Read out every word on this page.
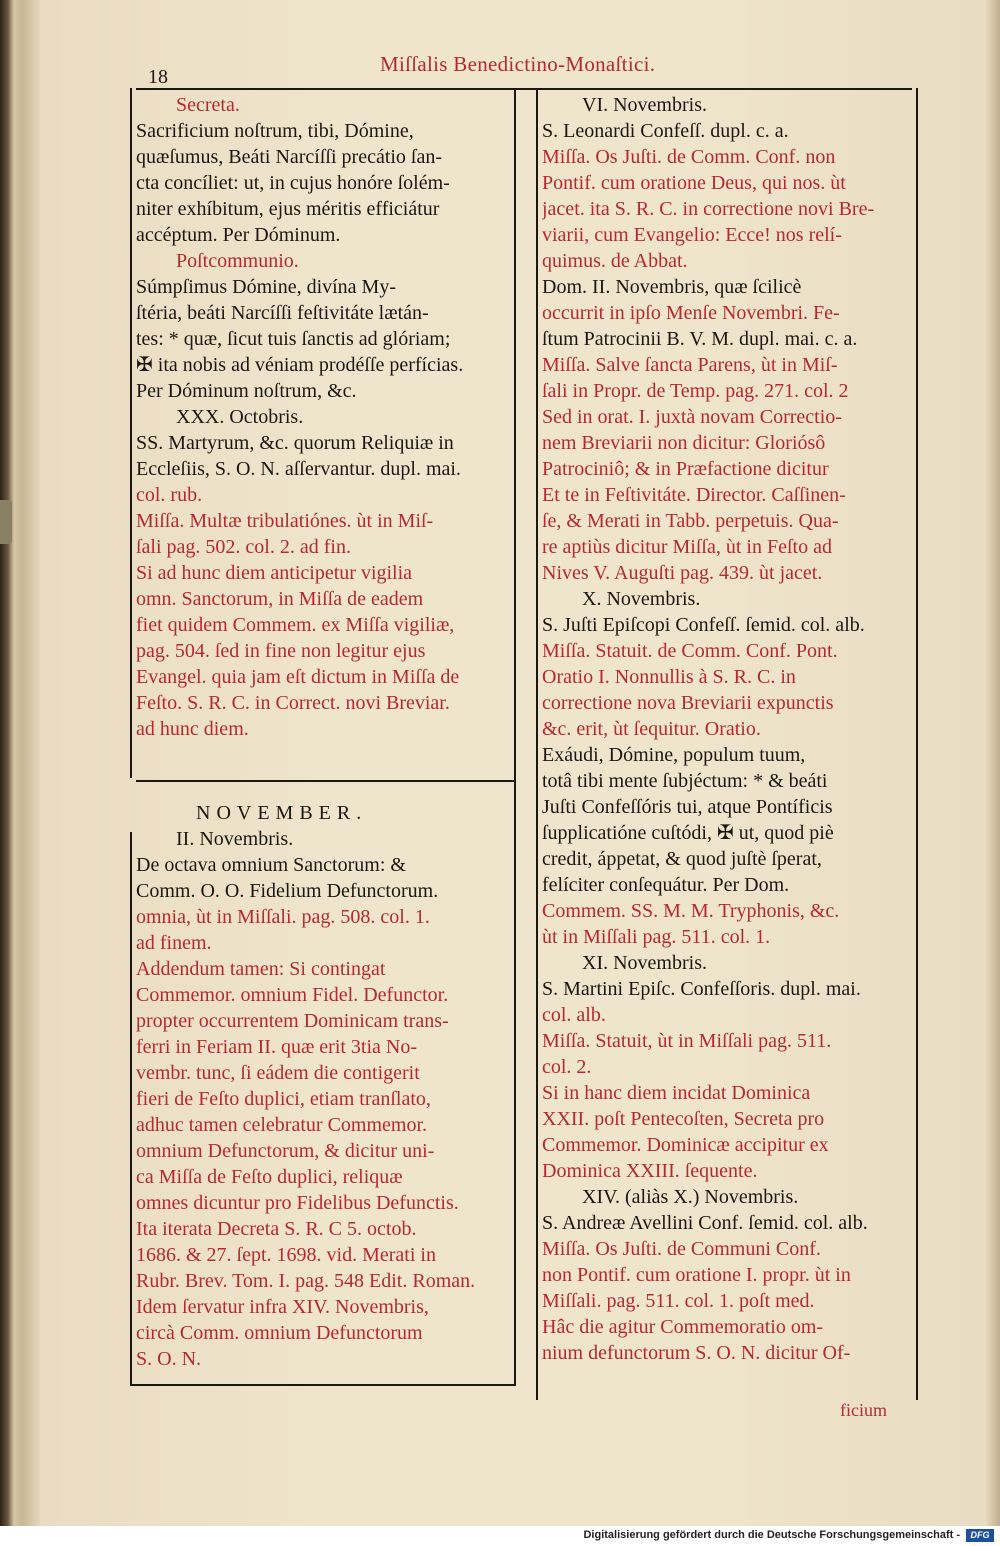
18
Miſſalis Benedictino-Monaſtici.
Secreta.
Sacrificium noſtrum, tibi, Dómine,
quæſumus, Beáti Narcíſſi precátio ſan-
cta concíliet: ut, in cujus honóre ſolém-
niter exhíbitum, ejus méritis efficiátur
accéptum. Per Dóminum.
Poſtcommunio.
Súmpſimus Dómine, divína My-
ſtéria, beáti Narcíſſi feſtivitáte lætán-
tes: * quæ, ſicut tuis ſanctis ad glóriam;
✠ ita nobis ad véniam prodéſſe perfícias.
Per Dóminum noſtrum, &c.
XXX. Octobris.
SS. Martyrum, &c. quorum Reliquiæ in
Eccleſiis, S. O. N. aſſervantur. dupl. mai.
col. rub.
Miſſa. Multæ tribulatiónes. ùt in Miſ-
ſali pag. 502. col. 2. ad fin.
Si ad hunc diem anticipetur vigilia
omn. Sanctorum, in Miſſa de eadem
fiet quidem Commem. ex Miſſa vigiliæ,
pag. 504. ſed in fine non legitur ejus
Evangel. quia jam eſt dictum in Miſſa de
Feſto. S. R. C. in Correct. novi Breviar.
ad hunc diem.
NOVEMBER.
II. Novembris.
De octava omnium Sanctorum: &
Comm. O. O. Fidelium Defunctorum.
omnia, ùt in Miſſali. pag. 508. col. 1.
ad finem.
Addendum tamen: Si contingat
Commemor. omnium Fidel. Defunctor.
propter occurrentem Dominicam trans-
ferri in Feriam II. quæ erit 3tia No-
vembr. tunc, ſi eádem die contigerit
fieri de Feſto duplici, etiam tranſlato,
adhuc tamen celebratur Commemor.
omnium Defunctorum, & dicitur uni-
ca Miſſa de Feſto duplici, reliquæ
omnes dicuntur pro Fidelibus Defunctis.
Ita iterata Decreta S. R. C 5. octob.
1686. & 27. ſept. 1698. vid. Merati in
Rubr. Brev. Tom. I. pag. 548 Edit. Roman.
Idem ſervatur infra XIV. Novembris,
circà Comm. omnium Defunctorum
S. O. N.
VI. Novembris.
S. Leonardi Confeſſ. dupl. c. a.
Miſſa. Os Juſti. de Comm. Conf. non
Pontif. cum oratione Deus, qui nos. ùt
jacet. ita S. R. C. in correctione novi Bre-
viarii, cum Evangelio: Ecce! nos relí-
quimus. de Abbat.
Dom. II. Novembris, quæ ſcilicè
occurrit in ipſo Menſe Novembri. Fe-
ſtum Patrocinii B. V. M. dupl. mai. c. a.
Miſſa. Salve ſancta Parens, ùt in Miſ-
ſali in Propr. de Temp. pag. 271. col. 2
Sed in orat. I. juxtà novam Correctio-
nem Breviarii non dicitur: Gloriósô
Patrociniô; & in Præfactione dicitur
Et te in Feſtivitáte. Director. Caſſinen-
ſe, & Merati in Tabb. perpetuis. Qua-
re aptiùs dicitur Miſſa, ùt in Feſto ad
Nives V. Auguſti pag. 439. ùt jacet.
X. Novembris.
S. Juſti Epiſcopi Confeſſ. ſemid. col. alb.
Miſſa. Statuit. de Comm. Conf. Pont.
Oratio I. Nonnullis à S. R. C. in
correctione nova Breviarii expunctis
&c. erit, ùt ſequitur. Oratio.
Exáudi, Dómine, populum tuum,
totâ tibi mente ſubjéctum: * & beáti
Juſti Confeſſóris tui, atque Pontíficis
ſupplicatióne cuſtódi, ✠ ut, quod piè
credit, áppetat, & quod juſtè ſperat,
felíciter conſequátur. Per Dom.
Commem. SS. M. M. Tryphonis, &c.
ùt in Miſſali pag. 511. col. 1.
XI. Novembris.
S. Martini Epiſc. Confeſſoris. dupl. mai.
col. alb.
Miſſa. Statuit, ùt in Miſſali pag. 511.
col. 2.
Si in hanc diem incidat Dominica
XXII. poſt Pentecoſten, Secreta pro
Commemor. Dominicæ accipitur ex
Dominica XXIII. ſequente.
XIV. (aliàs X.) Novembris.
S. Andreæ Avellini Conf. ſemid. col. alb.
Miſſa. Os Juſti. de Communi Conf.
non Pontif. cum oratione I. propr. ùt in
Miſſali. pag. 511. col. 1. poſt med.
Hâc die agitur Commemoratio om-
nium defunctorum S. O. N. dicitur Of-
ficium
Digitalisierung gefördert durch die Deutsche Forschungsgemeinschaft -	DFG
